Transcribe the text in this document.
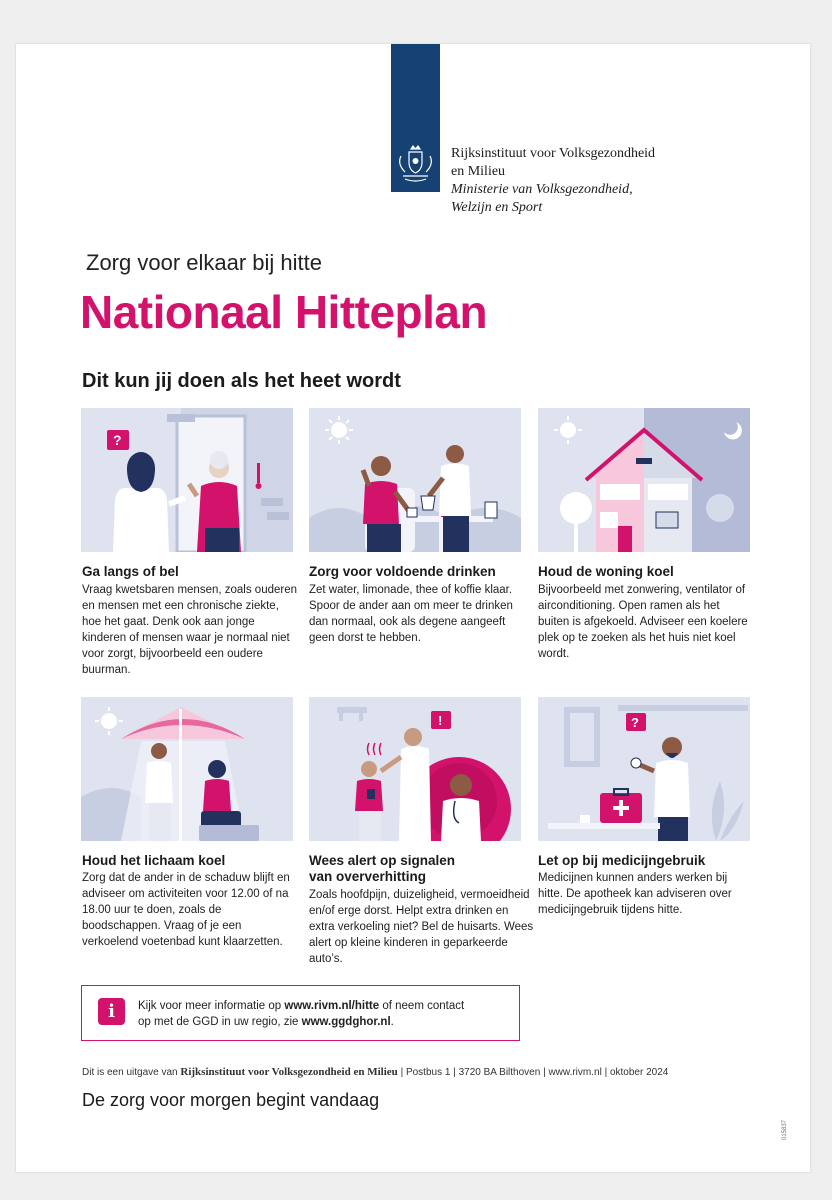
Rijksinstituut voor Volksgezondheid
en Milieu
Ministerie van Volksgezondheid,
Welzijn en Sport
Zorg voor elkaar bij hitte
Nationaal Hitteplan
Dit kun jij doen als het heet wordt
?
!	?
Ga langs of bel
Vraag kwetsbaren mensen, zoals ouderen en mensen met een chronische ziekte, hoe het gaat. Denk ook aan jonge kinderen of mensen waar je normaal niet voor zorgt, bijvoorbeeld een oudere buurman.
Zorg voor voldoende drinken
Zet water, limonade, thee of koffie klaar. Spoor de ander aan om meer te drinken dan normaal, ook als degene aangeeft geen dorst te hebben.
Houd de woning koel
Bijvoorbeeld met zonwering, ventilator of airconditioning. Open ramen als het buiten is afgekoeld. Adviseer een koelere plek op te zoeken als het huis niet koel wordt.
Houd het lichaam koel
Zorg dat de ander in de schaduw blijft en adviseer om activiteiten voor 12.00 of na 18.00 uur te doen, zoals de boodschappen. Vraag of je een verkoelend voetenbad kunt klaarzetten.
Wees alert op signalen
van oververhitting
Zoals hoofdpijn, duizeligheid, vermoeidheid en/of erge dorst. Helpt extra drinken en extra verkoeling niet? Bel de huisarts. Wees alert op kleine kinderen in geparkeerde auto’s.
Let op bij medicijngebruik
Medicijnen kunnen anders werken bij hitte. De apotheek kan adviseren over medicijngebruik tijdens hitte.
i	Kijk voor meer informatie op www.rivm.nl/hitte of neem contact
op met de GGD in uw regio, zie www.ggdghor.nl.
Dit is een uitgave van Rijksinstituut voor Volksgezondheid en Milieu | Postbus 1 | 3720 BA Bilthoven | www.rivm.nl | oktober 2024
De zorg voor morgen begint vandaag
015837
